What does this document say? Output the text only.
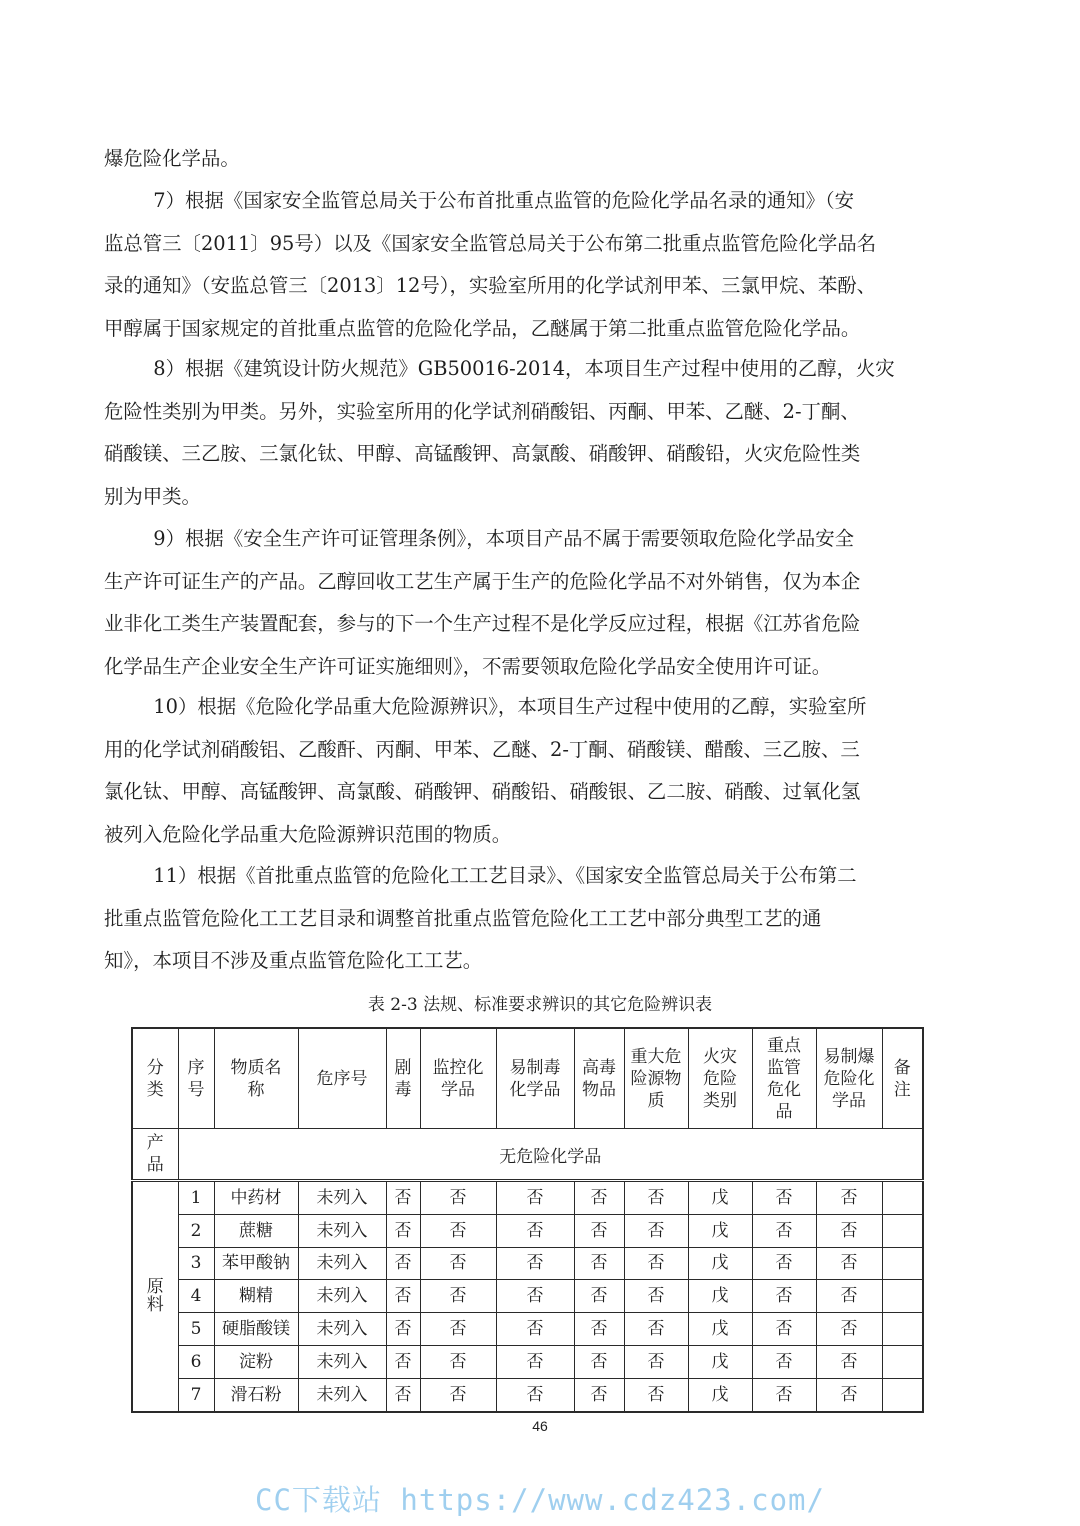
爆危险化学品。
7）根据《国家安全监管总局关于公布首批重点监管的危险化学品名录的通知》（安
监总管三〔2011〕95号）以及《国家安全监管总局关于公布第二批重点监管危险化学品名
录的通知》（安监总管三〔2013〕12号），实验室所用的化学试剂甲苯、三氯甲烷、苯酚、
甲醇属于国家规定的首批重点监管的危险化学品，乙醚属于第二批重点监管危险化学品。
8）根据《建筑设计防火规范》GB50016-2014，本项目生产过程中使用的乙醇，火灾
危险性类别为甲类。另外，实验室所用的化学试剂硝酸铝、丙酮、甲苯、乙醚、2-丁酮、
硝酸镁、三乙胺、三氯化钛、甲醇、高锰酸钾、高氯酸、硝酸钾、硝酸铅，火灾危险性类
别为甲类。
9）根据《安全生产许可证管理条例》，本项目产品不属于需要领取危险化学品安全
生产许可证生产的产品。乙醇回收工艺生产属于生产的危险化学品不对外销售，仅为本企
业非化工类生产装置配套，参与的下一个生产过程不是化学反应过程，根据《江苏省危险
化学品生产企业安全生产许可证实施细则》，不需要领取危险化学品安全使用许可证。
10）根据《危险化学品重大危险源辨识》，本项目生产过程中使用的乙醇，实验室所
用的化学试剂硝酸铝、乙酸酐、丙酮、甲苯、乙醚、2-丁酮、硝酸镁、醋酸、三乙胺、三
氯化钛、甲醇、高锰酸钾、高氯酸、硝酸钾、硝酸铅、硝酸银、乙二胺、硝酸、过氧化氢
被列入危险化学品重大危险源辨识范围的物质。
11）根据《首批重点监管的危险化工工艺目录》、《国家安全监管总局关于公布第二
批重点监管危险化工工艺目录和调整首批重点监管危险化工工艺中部分典型工艺的通
知》，本项目不涉及重点监管危险化工工艺。
表 2-3 法规、标准要求辨识的其它危险辨识表
分类	序号	物质名称	危序号	剧毒	监控化学品	易制毒化学品	高毒物品	重大危险源物质	火灾危险类别	重点监管危化品	易制爆危险化学品	备注
产品	无危险化学品											
原料	1	中药材	未列入	否	否	否	否	否	戊	否	否	
	2	蔗糖	未列入	否	否	否	否	否	戊	否	否	
	3	苯甲酸钠	未列入	否	否	否	否	否	戊	否	否	
	4	糊精	未列入	否	否	否	否	否	戊	否	否	
	5	硬脂酸镁	未列入	否	否	否	否	否	戊	否	否	
	6	淀粉	未列入	否	否	否	否	否	戊	否	否	
	7	滑石粉	未列入	否	否	否	否	否	戊	否	否	
46
CC下载站 https://www.cdz423.com/
